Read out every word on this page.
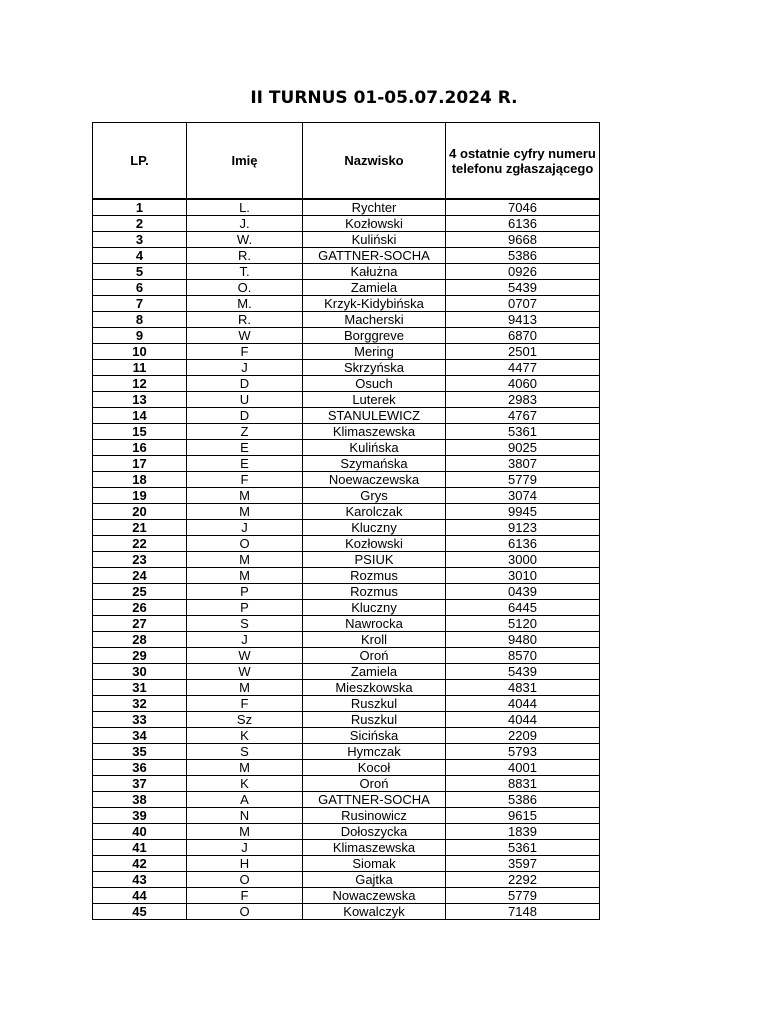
II TURNUS 01-05.07.2024 R.
LP.	Imię	Nazwisko	4 ostatnie cyfry numeru telefonu zgłaszającego

1	L.	Rychter	7046
2	J.	Kozłowski	6136
3	W.	Kuliński	9668
4	R.	GATTNER-SOCHA	5386
5	T.	Kałużna	0926
6	O.	Zamiela	5439
7	M.	Krzyk-Kidybińska	0707
8	R.	Macherski	9413
9	W	Borggreve	6870
10	F	Mering	2501
11	J	Skrzyńska	4477
12	D	Osuch	4060
13	U	Luterek	2983
14	D	STANULEWICZ	4767
15	Z	Klimaszewska	5361
16	E	Kulińska	9025
17	E	Szymańska	3807
18	F	Noewaczewska	5779
19	M	Grys	3074
20	M	Karolczak	9945
21	J	Kluczny	9123
22	O	Kozłowski	6136
23	M	PSIUK	3000
24	M	Rozmus	3010
25	P	Rozmus	0439
26	P	Kluczny	6445
27	S	Nawrocka	5120
28	J	Kroll	9480
29	W	Oroń	8570
30	W	Zamiela	5439
31	M	Mieszkowska	4831
32	F	Ruszkul	4044
33	Sz	Ruszkul	4044
34	K	Sicińska	2209
35	S	Hymczak	5793
36	M	Kocoł	4001
37	K	Oroń	8831
38	A	GATTNER-SOCHA	5386
39	N	Rusinowicz	9615
40	M	Dołoszycka	1839
41	J	Klimaszewska	5361
42	H	Siomak	3597
43	O	Gajtka	2292
44	F	Nowaczewska	5779
45	O	Kowalczyk	7148
